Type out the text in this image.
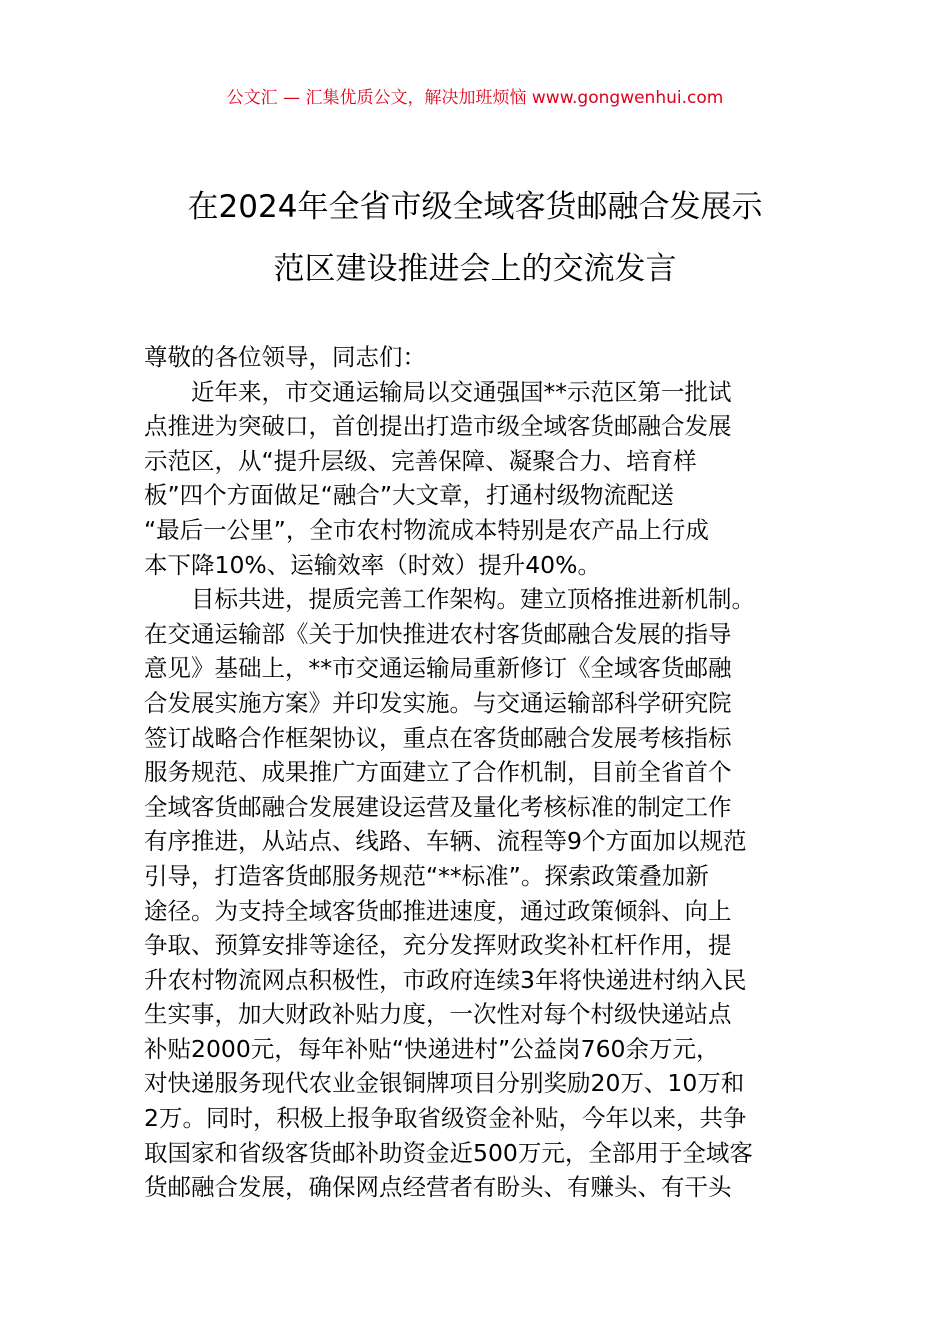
公文汇 — 汇集优质公文，解决加班烦恼 www.gongwenhui.com
在2024年全省市级全域客货邮融合发展示
范区建设推进会上的交流发言
尊敬的各位领导，同志们：
近年来，市交通运输局以交通强国**示范区第一批试
点推进为突破口，首创提出打造市级全域客货邮融合发展
示范区，从“提升层级、完善保障、凝聚合力、培育样
板”四个方面做足“融合”大文章，打通村级物流配送
“最后一公里”，全市农村物流成本特别是农产品上行成
本下降10%、运输效率（时效）提升40%。
目标共进，提质完善工作架构。建立顶格推进新机制。
在交通运输部《关于加快推进农村客货邮融合发展的指导
意见》基础上，**市交通运输局重新修订《全域客货邮融
合发展实施方案》并印发实施。与交通运输部科学研究院
签订战略合作框架协议，重点在客货邮融合发展考核指标
服务规范、成果推广方面建立了合作机制，目前全省首个
全域客货邮融合发展建设运营及量化考核标准的制定工作
有序推进，从站点、线路、车辆、流程等9个方面加以规范
引导，打造客货邮服务规范“**标准”。探索政策叠加新
途径。为支持全域客货邮推进速度，通过政策倾斜、向上
争取、预算安排等途径，充分发挥财政奖补杠杆作用，提
升农村物流网点积极性，市政府连续3年将快递进村纳入民
生实事，加大财政补贴力度，一次性对每个村级快递站点
补贴2000元，每年补贴“快递进村”公益岗760余万元，
对快递服务现代农业金银铜牌项目分别奖励20万、10万和
2万。同时，积极上报争取省级资金补贴，今年以来，共争
取国家和省级客货邮补助资金近500万元，全部用于全域客
货邮融合发展，确保网点经营者有盼头、有赚头、有干头
